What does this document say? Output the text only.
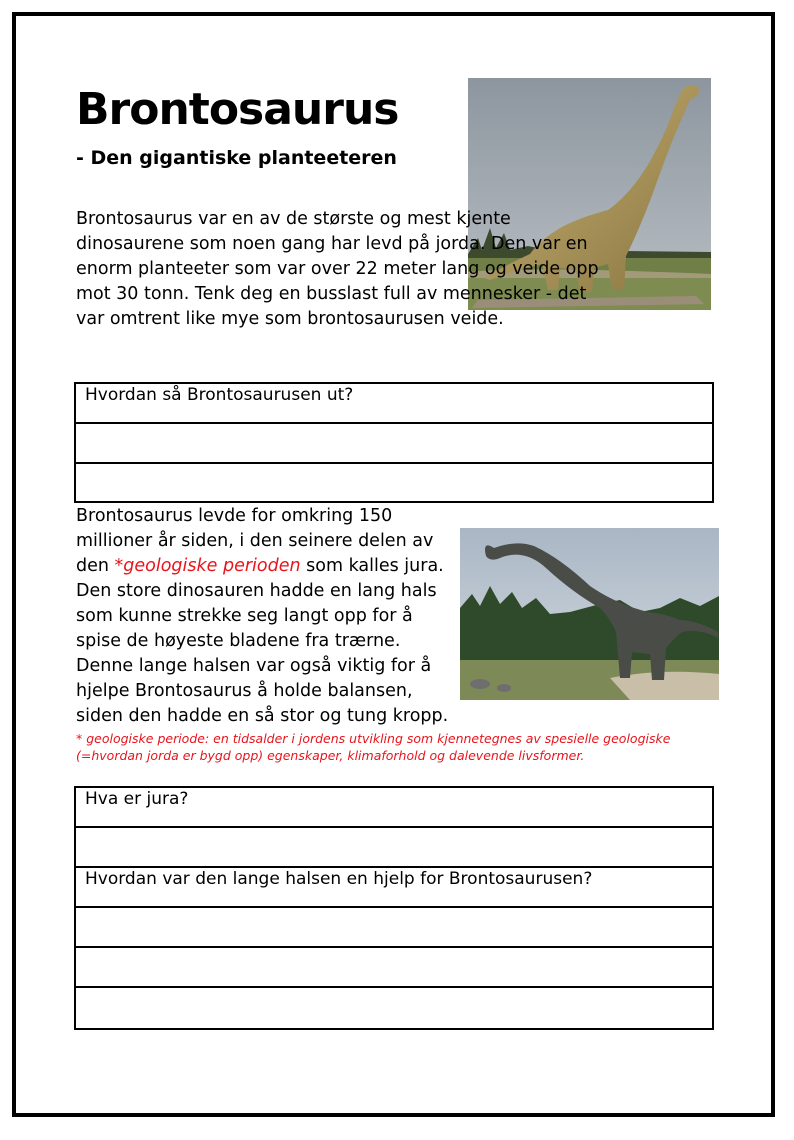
Brontosaurus
- Den gigantiske planteeteren
Brontosaurus var en av de største og mest kjente dinosaurene som noen gang har levd på jorda. Den var en enorm planteeter som var over 22 meter lang og veide opp mot 30 tonn. Tenk deg en busslast full av mennesker - det var omtrent like mye som brontosaurusen veide.
Hvordan så Brontosaurusen ut?
Brontosaurus levde for omkring 150 millioner år siden, i den seinere delen av den *geologiske perioden som kalles jura. Den store dinosauren hadde en lang hals som kunne strekke seg langt opp for å spise de høyeste bladene fra trærne. Denne lange halsen var også viktig for å hjelpe Brontosaurus å holde balansen, siden den hadde en så stor og tung kropp.
* geologiske periode: en tidsalder i jordens utvikling som kjennetegnes av spesielle geologiske (=hvordan jorda er bygd opp) egenskaper, klimaforhold og dalevende livsformer.
Hva er jura?
Hvordan var den lange halsen en hjelp for Brontosaurusen?
